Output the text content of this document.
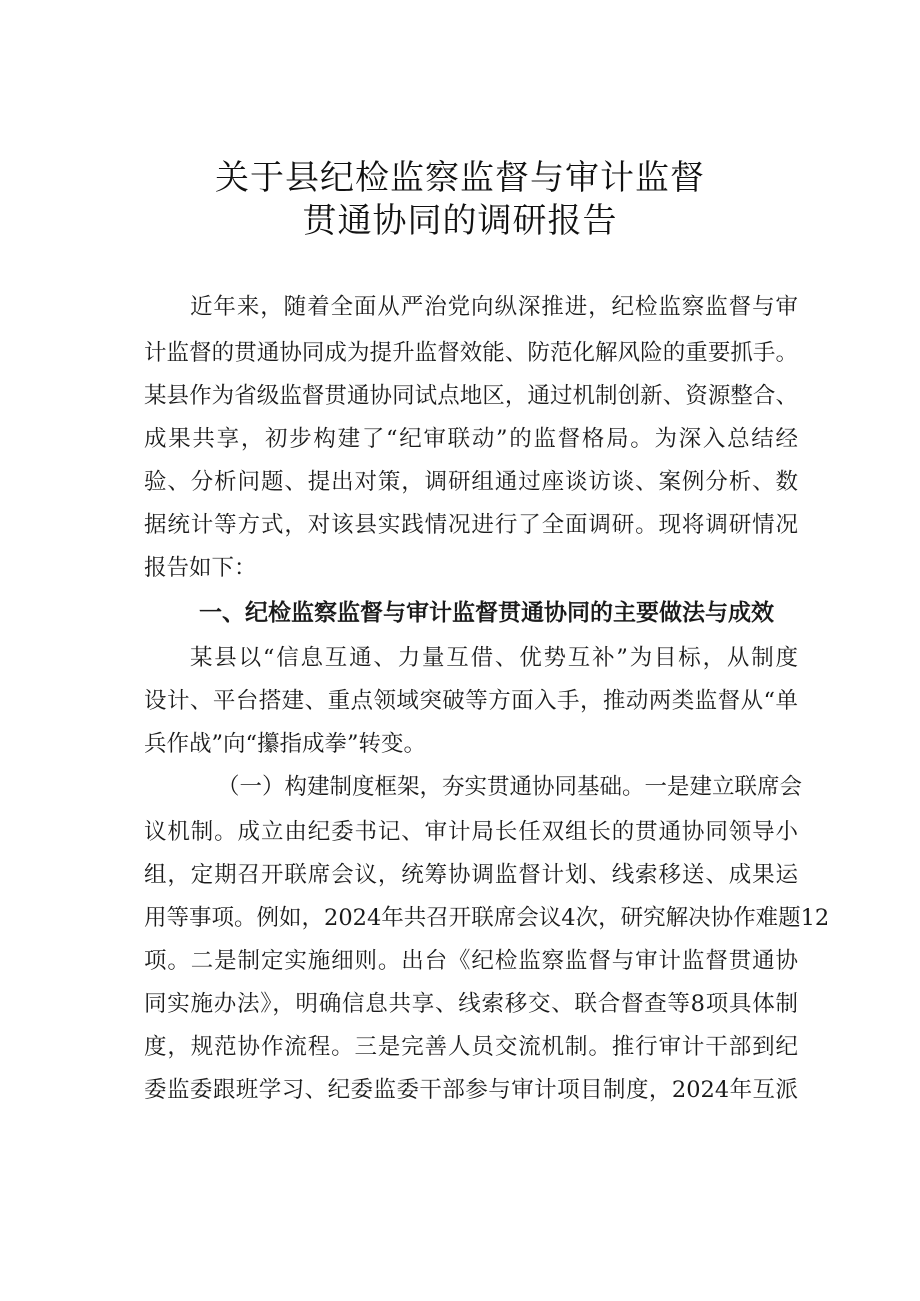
关于县纪检监察监督与审计监督
贯通协同的调研报告
近年来，随着全面从严治党向纵深推进，纪检监察监督与审
计监督的贯通协同成为提升监督效能、防范化解风险的重要抓手。
某县作为省级监督贯通协同试点地区，通过机制创新、资源整合、
成果共享，初步构建了“纪审联动”的监督格局。为深入总结经
验、分析问题、提出对策，调研组通过座谈访谈、案例分析、数
据统计等方式，对该县实践情况进行了全面调研。现将调研情况
报告如下：
一、纪检监察监督与审计监督贯通协同的主要做法与成效
某县以“信息互通、力量互借、优势互补”为目标，从制度
设计、平台搭建、重点领域突破等方面入手，推动两类监督从“单
兵作战”向“攥指成拳”转变。
（一）构建制度框架，夯实贯通协同基础。一是建立联席会
议机制。成立由纪委书记、审计局长任双组长的贯通协同领导小
组，定期召开联席会议，统筹协调监督计划、线索移送、成果运
用等事项。例如，2024年共召开联席会议4次，研究解决协作难题12
项。二是制定实施细则。出台《纪检监察监督与审计监督贯通协
同实施办法》，明确信息共享、线索移交、联合督查等8项具体制
度，规范协作流程。三是完善人员交流机制。推行审计干部到纪
委监委跟班学习、纪委监委干部参与审计项目制度，2024年互派
